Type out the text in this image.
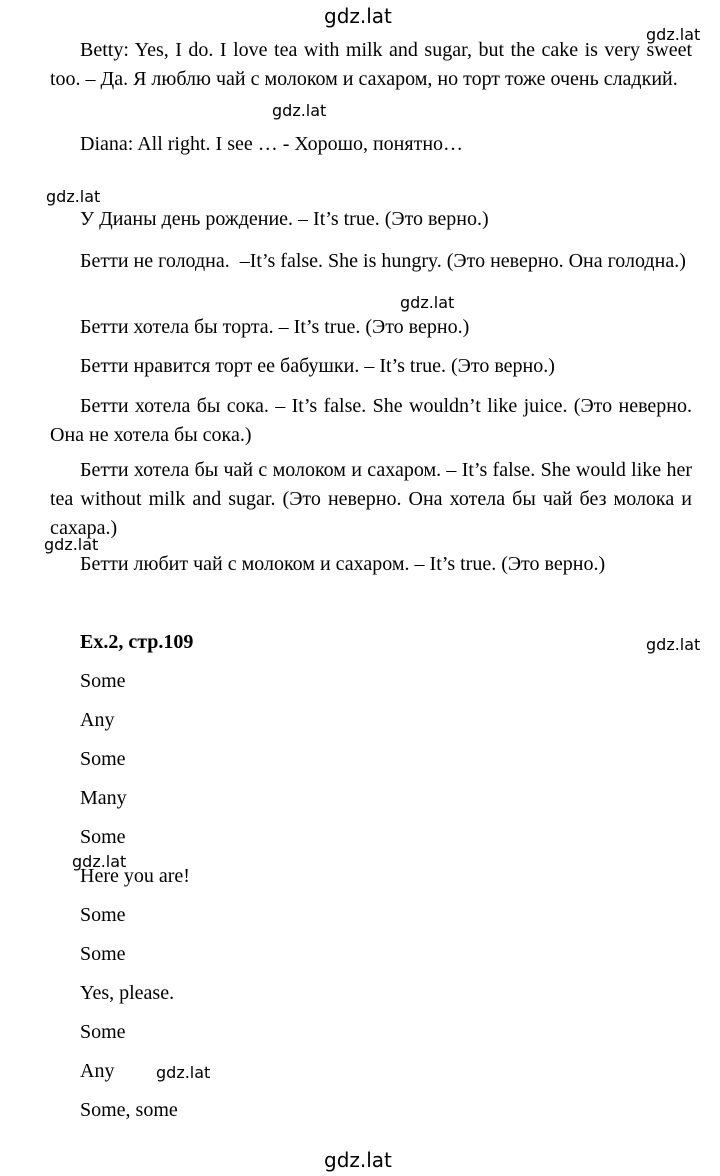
gdz.lat

gdz.lat

gdz.lat

gdz.lat

gdz.lat

gdz.lat

gdz.lat

gdz.lat

gdz.lat

gdz.lat

Betty: Yes, I do. I love tea with milk and sugar, but the cake is very sweet too. – Да. Я люблю чай с молоком и сахаром, но торт тоже очень сладкий.

Diana: All right. I see … - Хорошо, понятно…

У Дианы день рождение. – It’s true. (Это верно.)

Бетти не голодна.  –It’s false. She is hungry. (Это неверно. Она голодна.)

Бетти хотела бы торта. – It’s true. (Это верно.)

Бетти нравится торт ее бабушки. – It’s true. (Это верно.)

Бетти хотела бы сока. – It’s false. She wouldn’t like juice. (Это неверно. Она не хотела бы сока.)

Бетти хотела бы чай с молоком и сахаром. – It’s false. She would like her tea without milk and sugar. (Это неверно. Она хотела бы чай без молока и сахара.)

Бетти любит чай с молоком и сахаром. – It’s true. (Это верно.)

Ex.2, стр.109

Some

Any

Some

Many

Some

Here you are!

Some

Some

Yes, please.

Some

Any

Some, some
